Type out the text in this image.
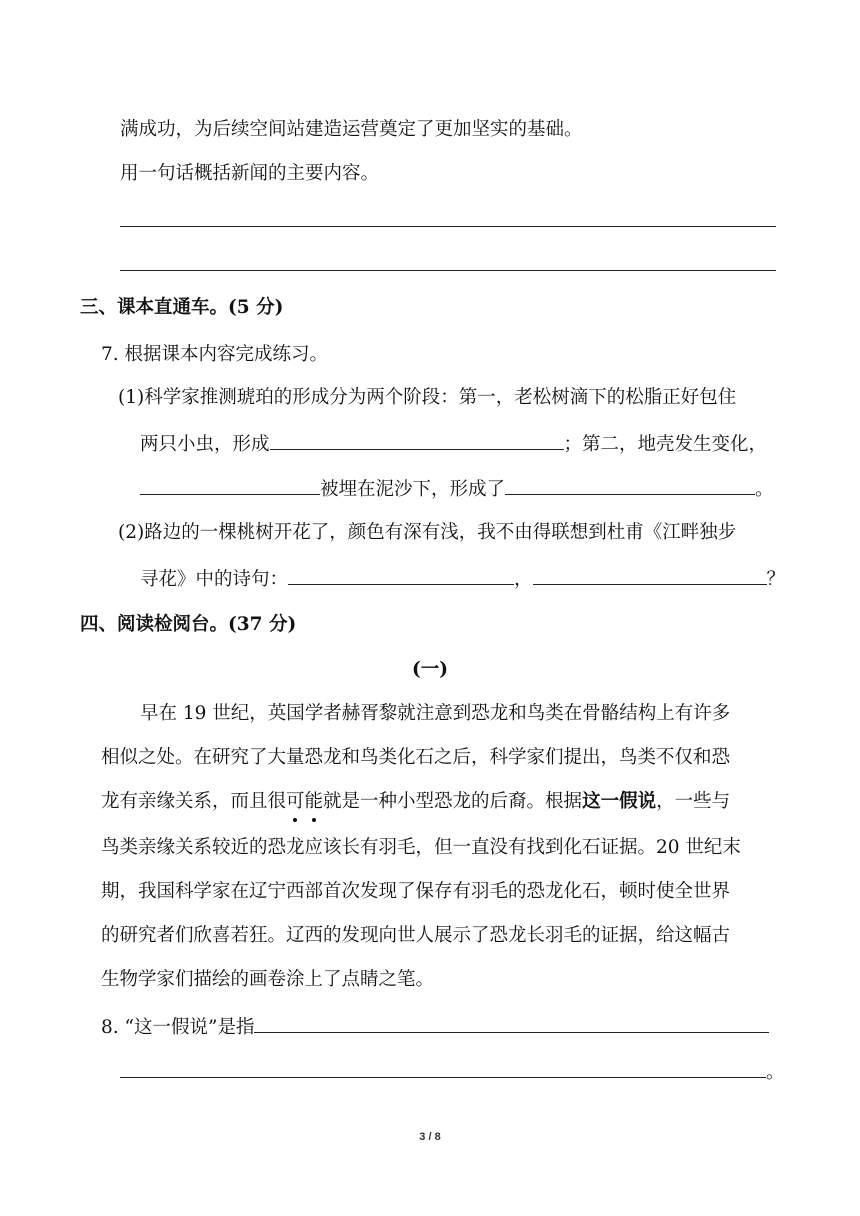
满成功，为后续空间站建造运营奠定了更加坚实的基础。
用一句话概括新闻的主要内容。
三、课本直通车。(5 分)
7. 根据课本内容完成练习。
(1)科学家推测琥珀的形成分为两个阶段：第一，老松树滴下的松脂正好包住
两只小虫，形成	；第二，地壳发生变化，
被埋在泥沙下，形成了	。
(2)路边的一棵桃树开花了，颜色有深有浅，我不由得联想到杜甫《江畔独步
寻花》中的诗句：	，	？
四、阅读检阅台。(37 分)
(一)
早在 19 世纪，英国学者赫胥黎就注意到恐龙和鸟类在骨骼结构上有许多
相似之处。在研究了大量恐龙和鸟类化石之后，科学家们提出，鸟类不仅和恐
龙有亲缘关系，而且很可能就是一种小型恐龙的后裔。根据这一假说，一些与
鸟类亲缘关系较近的恐龙应该长有羽毛，但一直没有找到化石证据。20 世纪末
期，我国科学家在辽宁西部首次发现了保存有羽毛的恐龙化石，顿时使全世界
的研究者们欣喜若狂。辽西的发现向世人展示了恐龙长羽毛的证据，给这幅古
生物学家们描绘的画卷涂上了点睛之笔。
8. “这一假说”是指
。
3 / 8
